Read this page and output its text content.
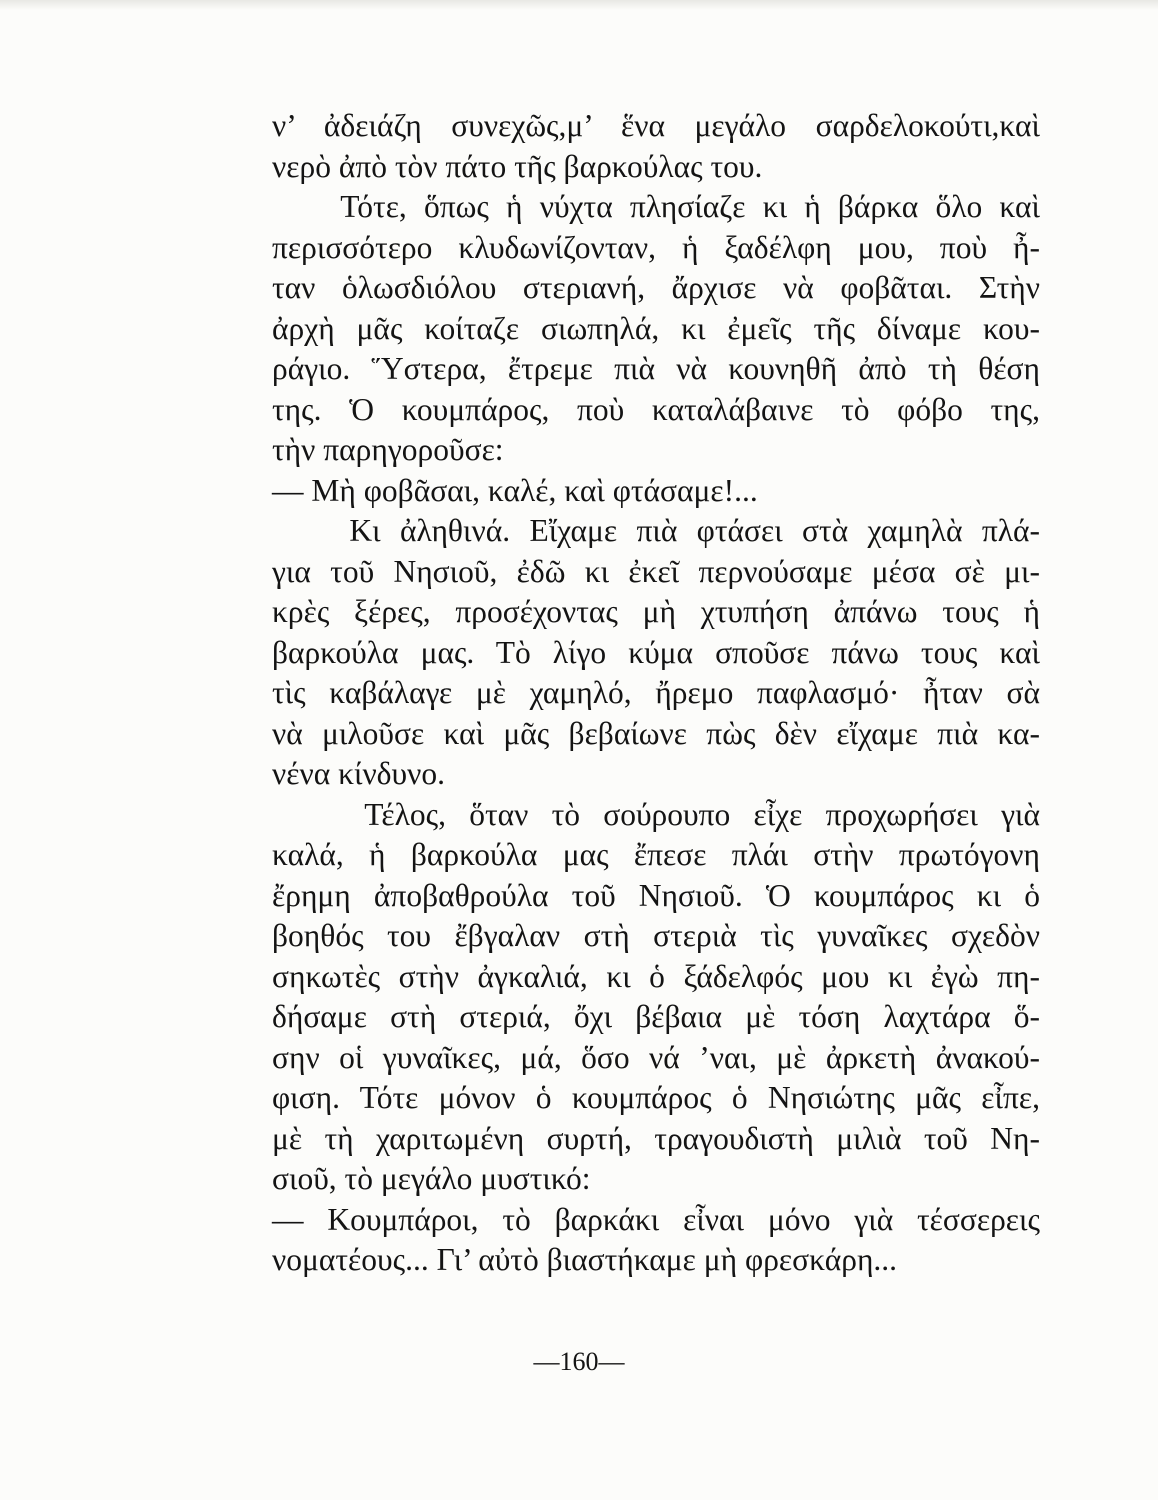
ν’ ἀδειάζη συνεχῶς,μ’ ἕνα μεγάλο σαρδελοκούτι,καὶ
νερὸ ἀπὸ τὸν πάτο τῆς βαρκούλας του.
Τότε, ὅπως ἡ νύχτα πλησίαζε κι ἡ βάρκα ὅλο καὶ
περισσότερο κλυδωνίζονταν, ἡ ξαδέλφη μου, ποὺ ἦ-
ταν ὁλωσδιόλου στεριανή, ἄρχισε νὰ φοβᾶται. Στὴν
ἀρχὴ μᾶς κοίταζε σιωπηλά, κι ἐμεῖς τῆς δίναμε κου-
ράγιο. Ὕστερα, ἔτρεμε πιὰ νὰ κουνηθῆ ἀπὸ τὴ θέση
της. Ὁ κουμπάρος, ποὺ καταλάβαινε τὸ φόβο της,
τὴν παρηγοροῦσε:
— Μὴ φοβᾶσαι, καλέ, καὶ φτάσαμε!...
Κι ἀληθινά. Εἴχαμε πιὰ φτάσει στὰ χαμηλὰ πλά-
για τοῦ Νησιοῦ, ἐδῶ κι ἐκεῖ περνούσαμε μέσα σὲ μι-
κρὲς ξέρες, προσέχοντας μὴ χτυπήση ἀπάνω τους ἡ
βαρκούλα μας. Τὸ λίγο κύμα σποῦσε πάνω τους καὶ
τὶς καβάλαγε μὲ χαμηλό, ἤρεμο παφλασμό· ἦταν σὰ
νὰ μιλοῦσε καὶ μᾶς βεβαίωνε πὼς δὲν εἴχαμε πιὰ κα-
νένα κίνδυνο.
Τέλος, ὅταν τὸ σούρουπο εἶχε προχωρήσει γιὰ
καλά, ἡ βαρκούλα μας ἔπεσε πλάι στὴν πρωτόγονη
ἔρημη ἀποβαθρούλα τοῦ Νησιοῦ. Ὁ κουμπάρος κι ὁ
βοηθός του ἔβγαλαν στὴ στεριὰ τὶς γυναῖκες σχεδὸν
σηκωτὲς στὴν ἀγκαλιά, κι ὁ ξάδελφός μου κι ἐγὼ πη-
δήσαμε στὴ στεριά, ὄχι βέβαια μὲ τόση λαχτάρα ὅ-
σην οἱ γυναῖκες, μά, ὅσο νά ’ναι, μὲ ἀρκετὴ ἀνακού-
φιση. Τότε μόνον ὁ κουμπάρος ὁ Νησιώτης μᾶς εἶπε,
μὲ τὴ χαριτωμένη συρτή, τραγουδιστὴ μιλιὰ τοῦ Νη-
σιοῦ, τὸ μεγάλο μυστικό:
— Κουμπάροι, τὸ βαρκάκι εἶναι μόνο γιὰ τέσσερεις
νοματέους... Γι’ αὐτὸ βιαστήκαμε μὴ φρεσκάρη...
—160—
